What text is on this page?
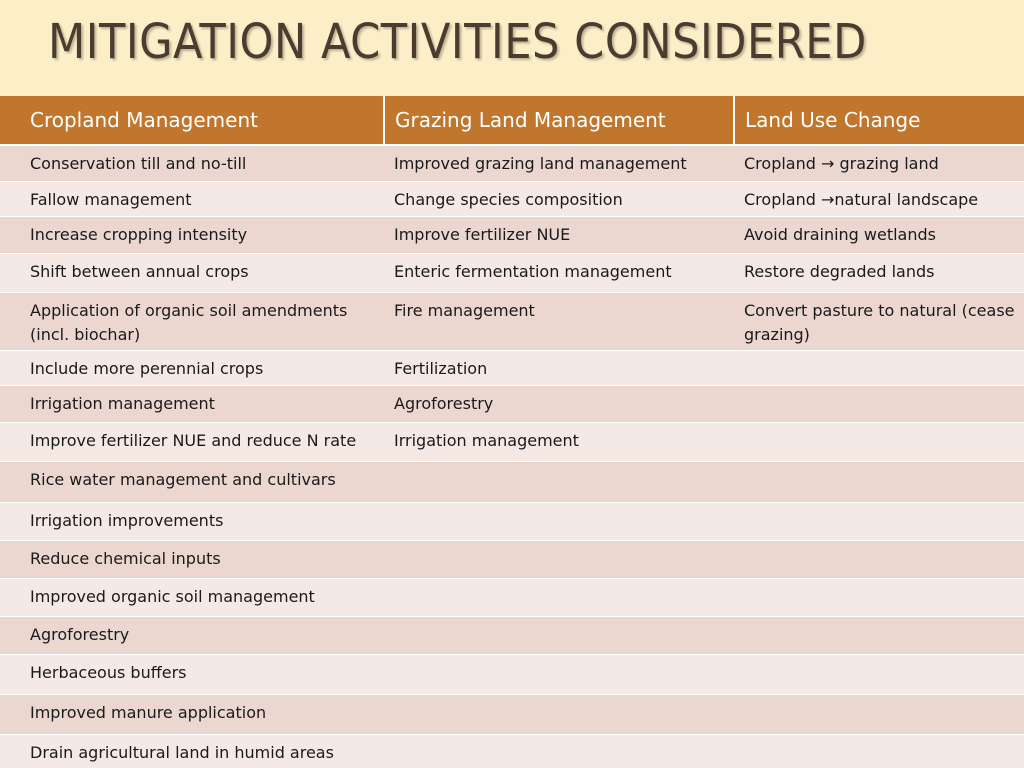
MITIGATION ACTIVITIES CONSIDERED
Cropland Management	Grazing Land Management	Land Use Change
Conservation till and no-till	Improved grazing land management	Cropland → grazing land
Fallow management	Change species composition	Cropland →natural landscape
Increase cropping intensity	Improve fertilizer NUE	Avoid draining wetlands
Shift between annual crops	Enteric fermentation management	Restore degraded lands
Application of organic soil amendments (incl. biochar)	Fire management	Convert pasture to natural (cease grazing)
Include more perennial crops	Fertilization	
Irrigation management	Agroforestry	
Improve fertilizer NUE and reduce N rate	Irrigation management	
Rice water management and cultivars		
Irrigation improvements		
Reduce chemical inputs		
Improved organic soil management		
Agroforestry		
Herbaceous buffers		
Improved manure application		
Drain agricultural land in humid areas		
